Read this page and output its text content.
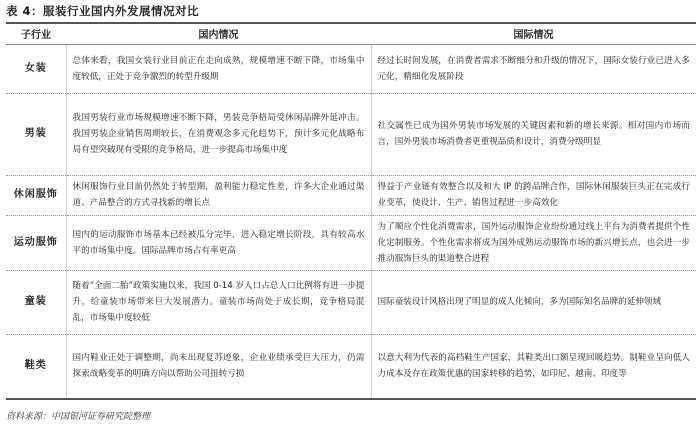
表 4：服装行业国内外发展情况对比
子行业	国内情况	国际情况
女装	总体来看，我国女装行业目前正在走向成熟，规模增速不断下降，市场集中度较低，正处于竞争激烈的转型升级期	经过长时间发展，在消费者需求不断细分和升级的情况下，国际女装行业已进入多元化，精细化发展阶段
男装	我国男装行业市场规模增速不断下降，男装竞争格局受休闲品牌外延冲击。我国男装企业销售周期较长，在消费观念多元化趋势下，预计多元化战略布局有望突破现有受限的竞争格局，进一步提高市场集中度	社交属性已成为国外男装市场发展的关键因素和新的增长来源。相对国内市场而言，国外男装市场消费者更重视品质和设计，消费分级明显
休闲服饰	休闲服饰行业目前仍然处于转型期，盈利能力稳定性差，许多大企业通过渠道、产品整合的方式寻找新的增长点	得益于产业链有效整合以及和大 IP 的跨品牌合作，国际休闲服装巨头正在完成行业变革，使设计、生产、销售过程进一步高效化
运动服饰	国内的运动服饰市场基本已经被瓜分完毕，进入稳定增长阶段，具有较高水平的市场集中度。国际品牌市场占有率更高	为了顺应个性化消费需求，国外运动服饰企业纷纷通过线上平台为消费者提供个性化定制服务。个性化需求将成为国外成熟运动服饰市场的新兴增长点，也会进一步推动服饰巨头的渠道整合进程
童装	随着“全面二胎”政策实施以来，我国 0-14 岁人口占总人口比例将有进一步提升，给童装市场带来巨大发展潜力。童装市场尚处于成长期，竞争格局混乱，市场集中度较低	国际童装设计风格出现了明显的成人化倾向，多为国际知名品牌的延伸领域
鞋类	国内鞋业正处于调整期，尚未出现复苏迹象，企业业绩承受巨大压力，仍需探索战略变革的明确方向以帮助公司扭转亏损	以意大利为代表的高档鞋生产国家，其鞋类出口额呈现回暖趋势。制鞋业呈向低人力成本及存在政策优惠的国家转移的趋势，如印尼、越南、印度等
资料来源：中国银河证券研究院整理
